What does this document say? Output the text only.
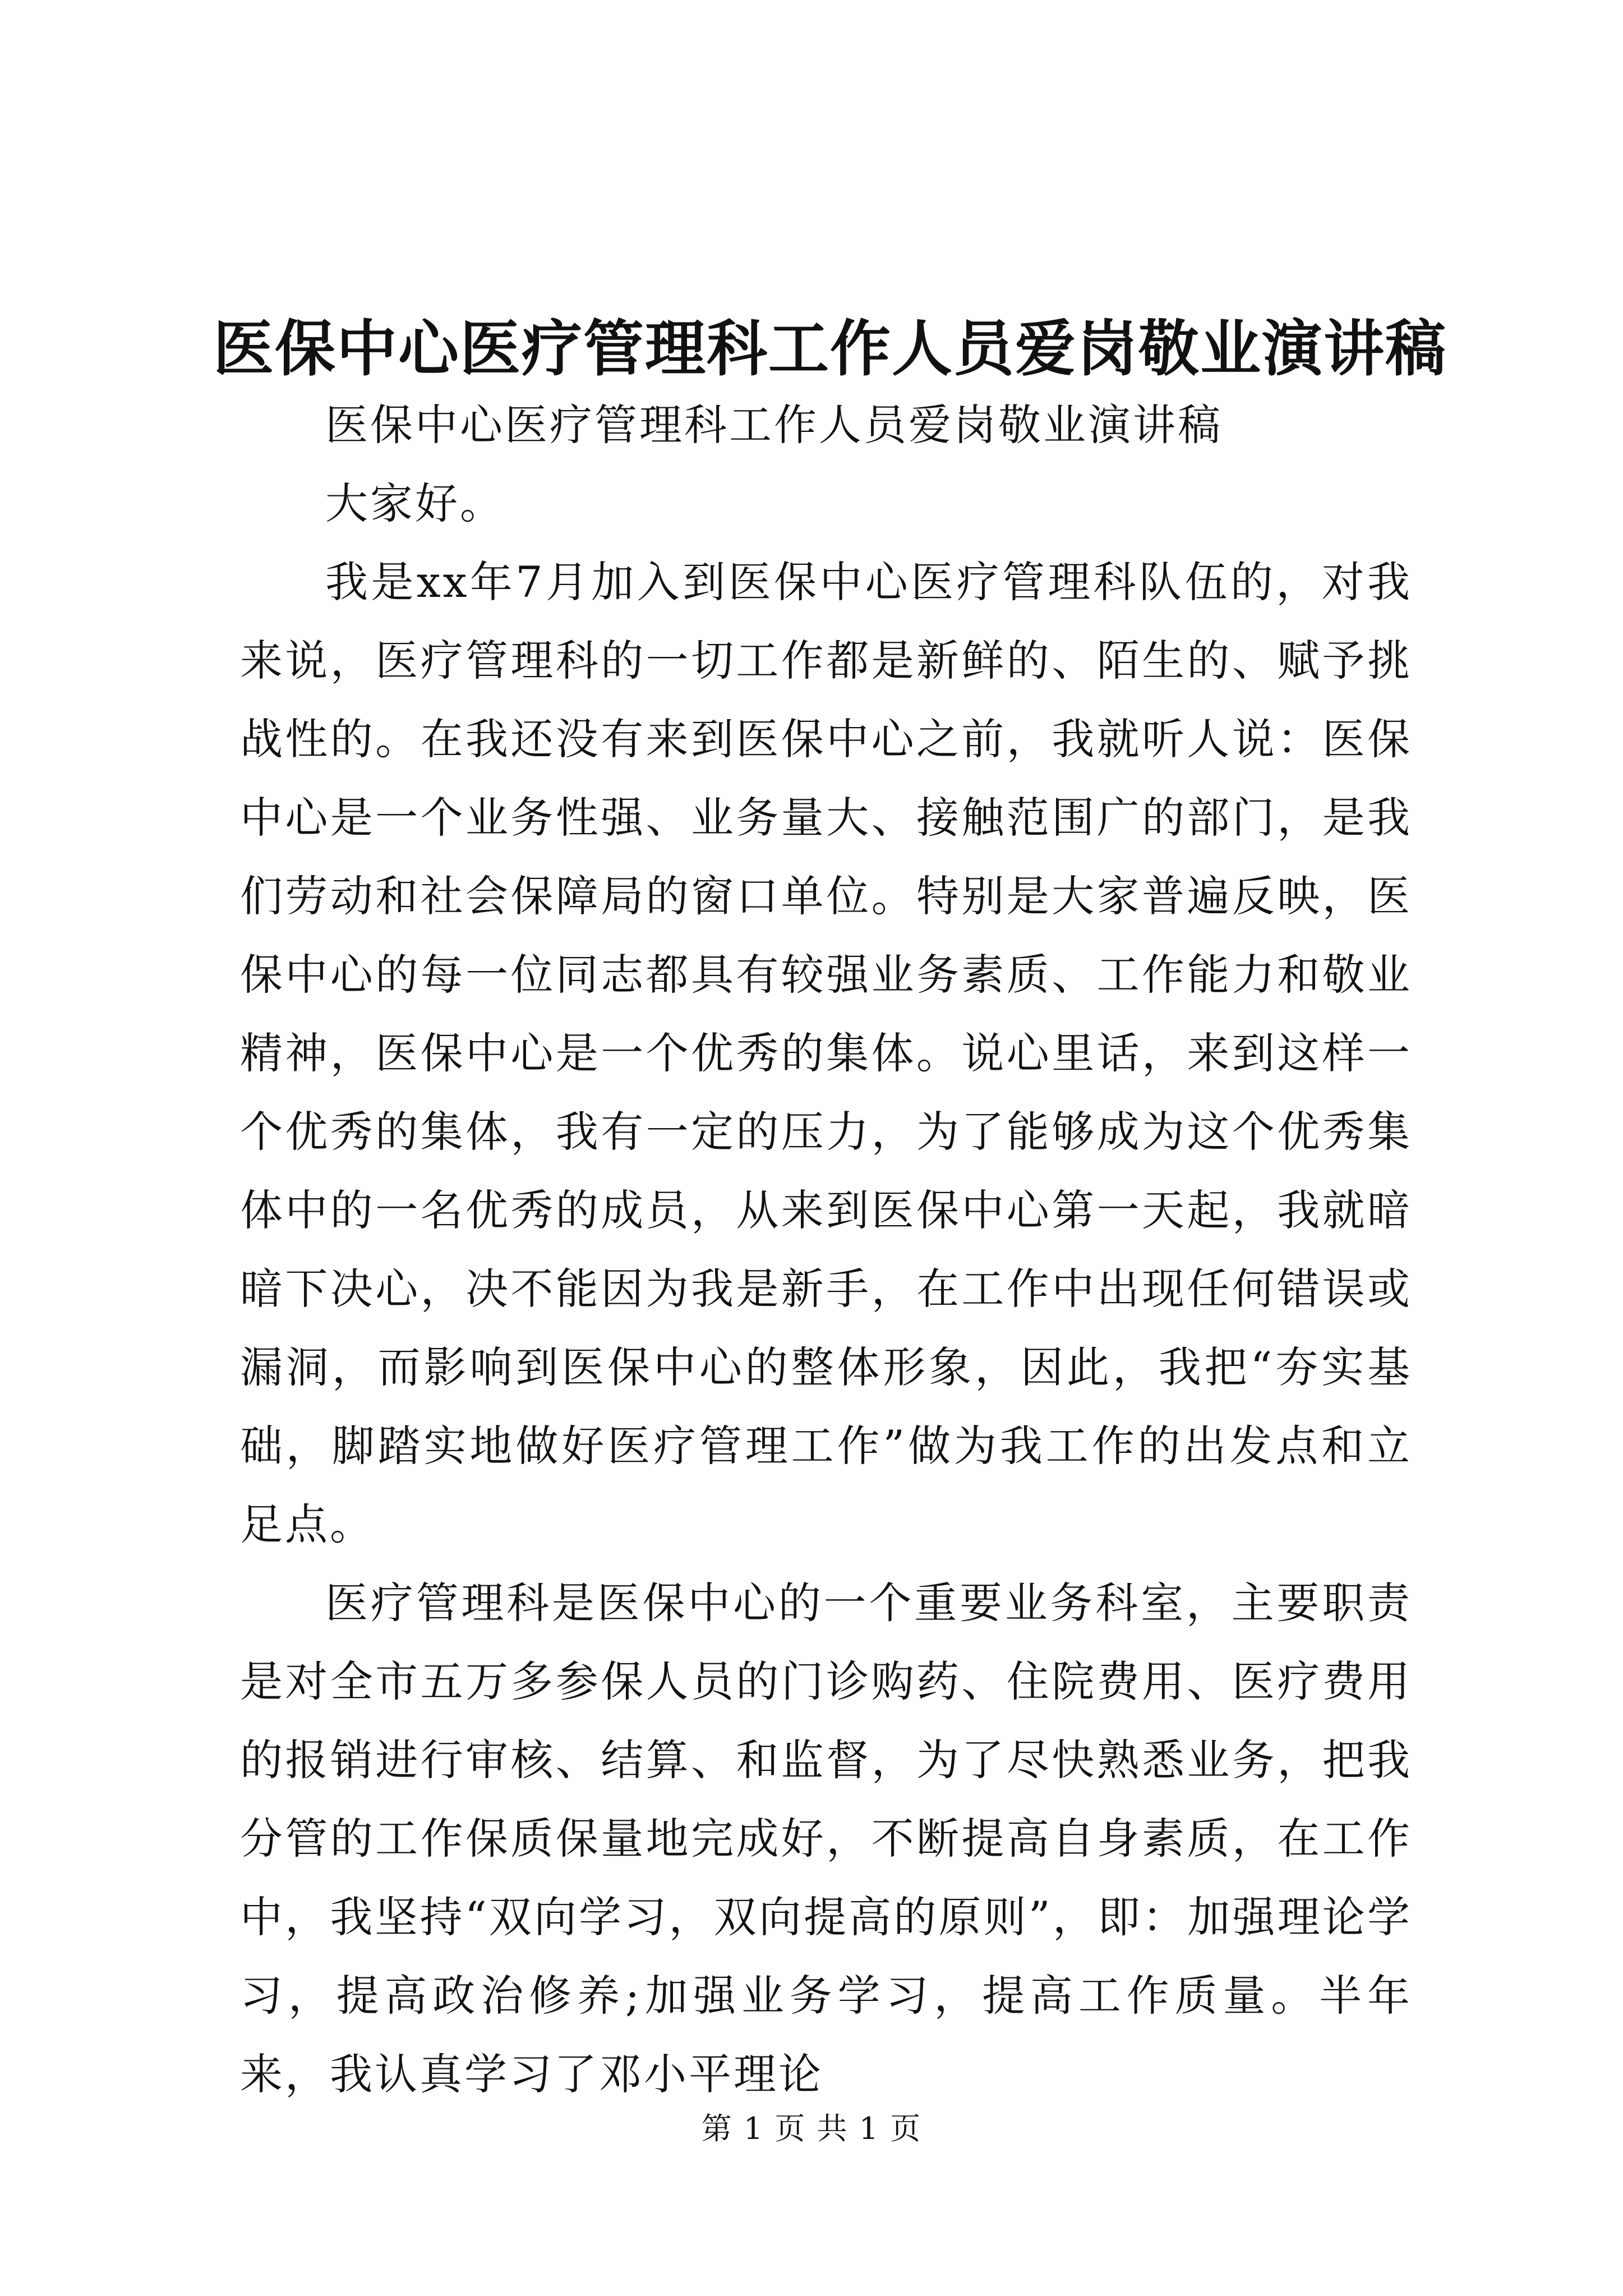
医保中心医疗管理科工作人员爱岗敬业演讲稿

医保中心医疗管理科工作人员爱岗敬业演讲稿

大家好。

我是xx年7月加入到医保中心医疗管理科队伍的，对我来说，医疗管理科的一切工作都是新鲜的、陌生的、赋予挑战性的。在我还没有来到医保中心之前，我就听人说：医保中心是一个业务性强、业务量大、接触范围广的部门，是我们劳动和社会保障局的窗口单位。特别是大家普遍反映，医保中心的每一位同志都具有较强业务素质、工作能力和敬业精神，医保中心是一个优秀的集体。说心里话，来到这样一个优秀的集体，我有一定的压力，为了能够成为这个优秀集体中的一名优秀的成员，从来到医保中心第一天起，我就暗暗下决心，决不能因为我是新手，在工作中出现任何错误或漏洞，而影响到医保中心的整体形象，因此，我把“夯实基础，脚踏实地做好医疗管理工作”做为我工作的出发点和立足点。

医疗管理科是医保中心的一个重要业务科室，主要职责是对全市五万多参保人员的门诊购药、住院费用、医疗费用的报销进行审核、结算、和监督，为了尽快熟悉业务，把我分管的工作保质保量地完成好，不断提高自身素质，在工作中，我坚持“双向学习，双向提高的原则”，即：加强理论学习，提高政治修养;加强业务学习，提高工作质量。半年来，我认真学习了邓小平理论

第 1 页 共 1 页
